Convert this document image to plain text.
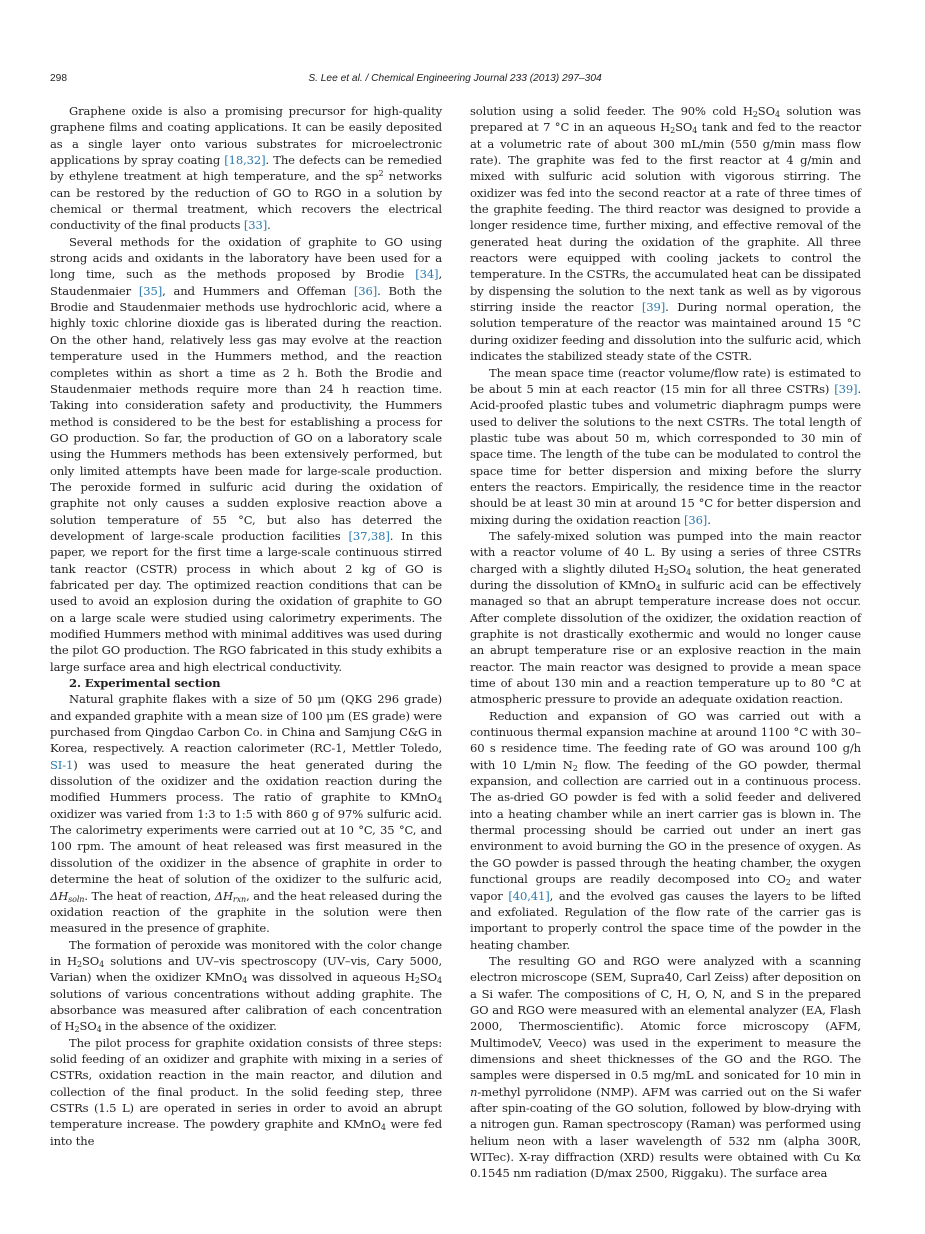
298	S. Lee et al. / Chemical Engineering Journal 233 (2013) 297–304

Graphene oxide is also a promising precursor for high-quality graphene films and coating applications. It can be easily deposited as a single layer onto various substrates for microelectronic applications by spray coating [18,32]. The defects can be remedied by ethylene treatment at high temperature, and the $sp^2$ networks can be restored by the reduction of GO to RGO in a solution by chemical or thermal treatment, which recovers the electrical conductivity of the final products [33].

Several methods for the oxidation of graphite to GO using strong acids and oxidants in the laboratory have been used for a long time, such as the methods proposed by Brodie [34], Staudenmaier [35], and Hummers and Offeman [36]. Both the Brodie and Staudenmaier methods use hydrochloric acid, where a highly toxic chlorine dioxide gas is liberated during the reaction. On the other hand, relatively less gas may evolve at the reaction temperature used in the Hummers method, and the reaction completes within as short a time as 2 h. Both the Brodie and Staudenmaier methods require more than 24 h reaction time. Taking into consideration safety and productivity, the Hummers method is considered to be the best for establishing a process for GO production. So far, the production of GO on a laboratory scale using the Hummers methods has been extensively performed, but only limited attempts have been made for large-scale production. The peroxide formed in sulfuric acid during the oxidation of graphite not only causes a sudden explosive reaction above a solution temperature of 55 °C, but also has deterred the development of large-scale production facilities [37,38]. In this paper, we report for the first time a large-scale continuous stirred tank reactor (CSTR) process in which about 2 kg of GO is fabricated per day. The optimized reaction conditions that can be used to avoid an explosion during the oxidation of graphite to GO on a large scale were studied using calorimetry experiments. The modified Hummers method with minimal additives was used during the pilot GO production. The RGO fabricated in this study exhibits a large surface area and high electrical conductivity.

2. Experimental section

Natural graphite flakes with a size of 50 μm (QKG 296 grade) and expanded graphite with a mean size of 100 μm (ES grade) were purchased from Qingdao Carbon Co. in China and Samjung C&G in Korea, respectively. A reaction calorimeter (RC-1, Mettler Toledo, SI-1) was used to measure the heat generated during the dissolution of the oxidizer and the oxidation reaction during the modified Hummers process. The ratio of graphite to KMnO$_4$ oxidizer was varied from 1:3 to 1:5 with 860 g of 97% sulfuric acid. The calorimetry experiments were carried out at 10 °C, 35 °C, and 100 rpm. The amount of heat released was first measured in the dissolution of the oxidizer in the absence of graphite in order to determine the heat of solution of the oxidizer to the sulfuric acid, $\Delta H_{soln}$. The heat of reaction, $\Delta H_{rxn}$, and the heat released during the oxidation reaction of the graphite in the solution were then measured in the presence of graphite.

The formation of peroxide was monitored with the color change in $H_2SO_4$ solutions and UV–vis spectroscopy (UV–vis, Cary 5000, Varian) when the oxidizer KMnO$_4$ was dissolved in aqueous $H_2SO_4$ solutions of various concentrations without adding graphite. The absorbance was measured after calibration of each concentration of $H_2SO_4$ in the absence of the oxidizer.

The pilot process for graphite oxidation consists of three steps: solid feeding of an oxidizer and graphite with mixing in a series of CSTRs, oxidation reaction in the main reactor, and dilution and collection of the final product. In the solid feeding step, three CSTRs (1.5 L) are operated in series in order to avoid an abrupt temperature increase. The powdery graphite and KMnO$_4$ were fed into the

solution using a solid feeder. The 90% cold $H_2SO_4$ solution was prepared at 7 °C in an aqueous $H_2SO_4$ tank and fed to the reactor at a volumetric rate of about 300 mL/min (550 g/min mass flow rate). The graphite was fed to the first reactor at 4 g/min and mixed with sulfuric acid solution with vigorous stirring. The oxidizer was fed into the second reactor at a rate of three times of the graphite feeding. The third reactor was designed to provide a longer residence time, further mixing, and effective removal of the generated heat during the oxidation of the graphite. All three reactors were equipped with cooling jackets to control the temperature. In the CSTRs, the accumulated heat can be dissipated by dispensing the solution to the next tank as well as by vigorous stirring inside the reactor [39]. During normal operation, the solution temperature of the reactor was maintained around 15 °C during oxidizer feeding and dissolution into the sulfuric acid, which indicates the stabilized steady state of the CSTR.

The mean space time (reactor volume/flow rate) is estimated to be about 5 min at each reactor (15 min for all three CSTRs) [39]. Acid-proofed plastic tubes and volumetric diaphragm pumps were used to deliver the solutions to the next CSTRs. The total length of plastic tube was about 50 m, which corresponded to 30 min of space time. The length of the tube can be modulated to control the space time for better dispersion and mixing before the slurry enters the reactors. Empirically, the residence time in the reactor should be at least 30 min at around 15 °C for better dispersion and mixing during the oxidation reaction [36].

The safely-mixed solution was pumped into the main reactor with a reactor volume of 40 L. By using a series of three CSTRs charged with a slightly diluted $H_2SO_4$ solution, the heat generated during the dissolution of KMnO$_4$ in sulfuric acid can be effectively managed so that an abrupt temperature increase does not occur. After complete dissolution of the oxidizer, the oxidation reaction of graphite is not drastically exothermic and would no longer cause an abrupt temperature rise or an explosive reaction in the main reactor. The main reactor was designed to provide a mean space time of about 130 min and a reaction temperature up to 80 °C at atmospheric pressure to provide an adequate oxidation reaction.

Reduction and expansion of GO was carried out with a continuous thermal expansion machine at around 1100 °C with 30–60 s residence time. The feeding rate of GO was around 100 g/h with 10 L/min $N_2$ flow. The feeding of the GO powder, thermal expansion, and collection are carried out in a continuous process. The as-dried GO powder is fed with a solid feeder and delivered into a heating chamber while an inert carrier gas is blown in. The thermal processing should be carried out under an inert gas environment to avoid burning the GO in the presence of oxygen. As the GO powder is passed through the heating chamber, the oxygen functional groups are readily decomposed into $CO_2$ and water vapor [40,41], and the evolved gas causes the layers to be lifted and exfoliated. Regulation of the flow rate of the carrier gas is important to properly control the space time of the powder in the heating chamber.

The resulting GO and RGO were analyzed with a scanning electron microscope (SEM, Supra40, Carl Zeiss) after deposition on a Si wafer. The compositions of C, H, O, N, and S in the prepared GO and RGO were measured with an elemental analyzer (EA, Flash 2000, Thermoscientific). Atomic force microscopy (AFM, MultimodeV, Veeco) was used in the experiment to measure the dimensions and sheet thicknesses of the GO and the RGO. The samples were dispersed in 0.5 mg/mL and sonicated for 10 min in n-methyl pyrrolidone (NMP). AFM was carried out on the Si wafer after spin-coating of the GO solution, followed by blow-drying with a nitrogen gun. Raman spectroscopy (Raman) was performed using helium neon with a laser wavelength of 532 nm (alpha 300R, WITec). X-ray diffraction (XRD) results were obtained with Cu Kα 0.1545 nm radiation (D/max 2500, Riggaku). The surface area
